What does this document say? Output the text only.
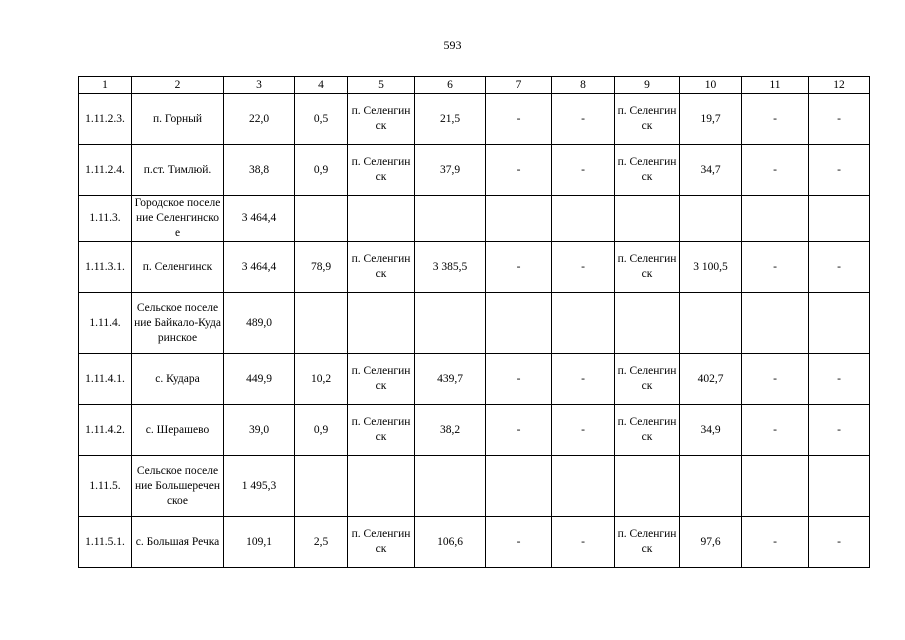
593
1	2	3	4	5	6	7	8	9	10	11	12
1.11.2.3.	п. Горный	22,0	0,5	п. Селенгинск	21,5	-	-	п. Селенгинск	19,7	-	-
1.11.2.4.	п.ст. Тимлюй.	38,8	0,9	п. Селенгинск	37,9	-	-	п. Селенгинск	34,7	-	-
1.11.3.	Городское поселение Селенгинское	3 464,4									
1.11.3.1.	п. Селенгинск	3 464,4	78,9	п. Селенгинск	3 385,5	-	-	п. Селенгинск	3 100,5	-	-
1.11.4.	Сельское поселение Байкало-Кударинское	489,0									
1.11.4.1.	с. Кудара	449,9	10,2	п. Селенгинск	439,7	-	-	п. Селенгинск	402,7	-	-
1.11.4.2.	с. Шерашево	39,0	0,9	п. Селенгинск	38,2	-	-	п. Селенгинск	34,9	-	-
1.11.5.	Сельское поселение Большереченское	1 495,3									
1.11.5.1.	с. Большая Речка	109,1	2,5	п. Селенгинск	106,6	-	-	п. Селенгинск	97,6	-	-
